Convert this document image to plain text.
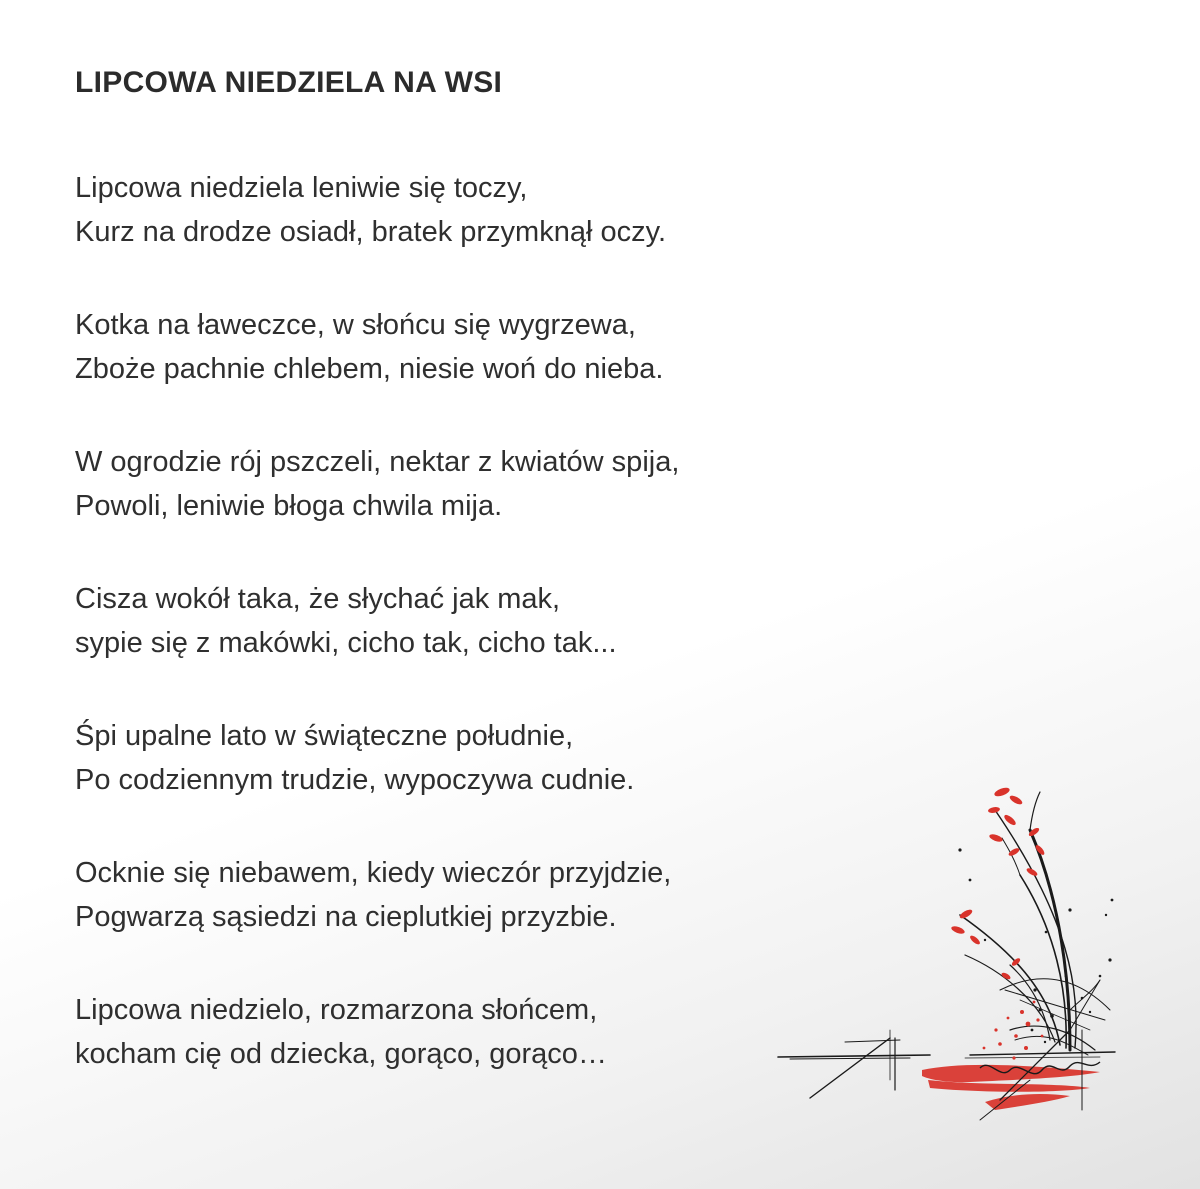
LIPCOWA NIEDZIELA NA WSI
Lipcowa niedziela leniwie się toczy,
Kurz na drodze osiadł, bratek przymknął oczy.
Kotka na ławeczce, w słońcu się wygrzewa,
Zboże pachnie chlebem, niesie woń do nieba.
W ogrodzie rój pszczeli, nektar z kwiatów spija,
Powoli, leniwie błoga chwila mija.
Cisza wokół taka, że słychać jak mak,
sypie się z makówki, cicho tak, cicho tak...
Śpi upalne lato w świąteczne południe,
Po codziennym trudzie, wypoczywa cudnie.
Ocknie się niebawem, kiedy wieczór przyjdzie,
Pogwarzą sąsiedzi na cieplutkiej przyzbie.
Lipcowa niedzielo, rozmarzona słońcem,
kocham cię od dziecka, gorąco, gorąco…
